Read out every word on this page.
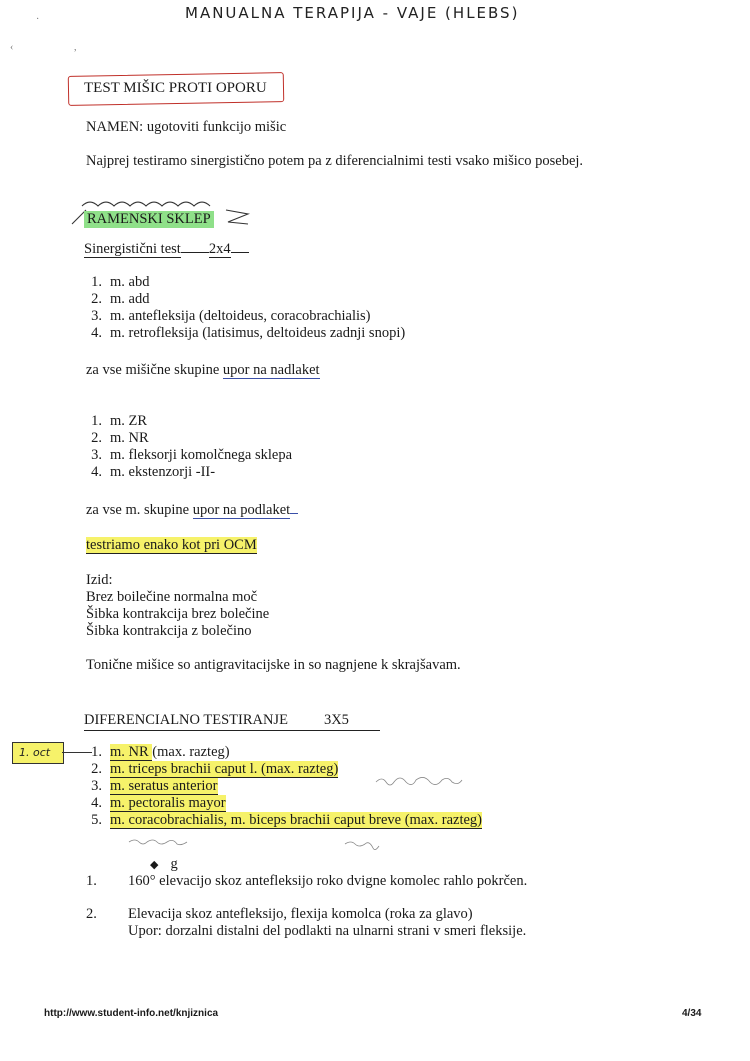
MANUALNA TERAPIJA - VAJE (HLEBS)
·
‹	,
TEST MIŠIC PROTI OPORU
NAMEN: ugotoviti funkcijo mišic
Najprej testiramo sinergistično potem pa z diferencialnimi testi vsako mišico posebej.
RAMENSKI SKLEP
Sinergistični test 2x4
1. m. abd
2. m. add
3. m. antefleksija (deltoideus, coracobrachialis)
4. m. retrofleksija (latisimus, deltoideus zadnji snopi)
za vse mišične skupine upor na nadlaket
1. m. ZR
2. m. NR
3. m. fleksorji komolčnega sklepa
4. m. ekstenzorji -II-
za vse m. skupine upor na podlaket
testriamo enako kot pri OCM
Izid:
Brez boilečine normalna moč
Šibka kontrakcija brez bolečine
Šibka kontrakcija z bolečino
Tonične mišice so antigravitacijske in so nagnjene k skrajšavam.
DIFERENCIALNO TESTIRANJE 3X5
1. oct	1. m. NR (max. razteg)
2. m. triceps brachii caput l. (max. razteg)
3. m. seratus anterior
4. m. pectoralis mayor
5. m. coracobrachialis, m. biceps brachii caput breve (max. razteg)
◆ g
1. 160° elevacijo skoz antefleksijo roko dvigne komolec rahlo pokrčen.
2. Elevacija skoz antefleksijo, flexija komolca (roka za glavo)
Upor: dorzalni distalni del podlakti na ulnarni strani v smeri fleksije.
http://www.student-info.net/knjiznica	4/34
